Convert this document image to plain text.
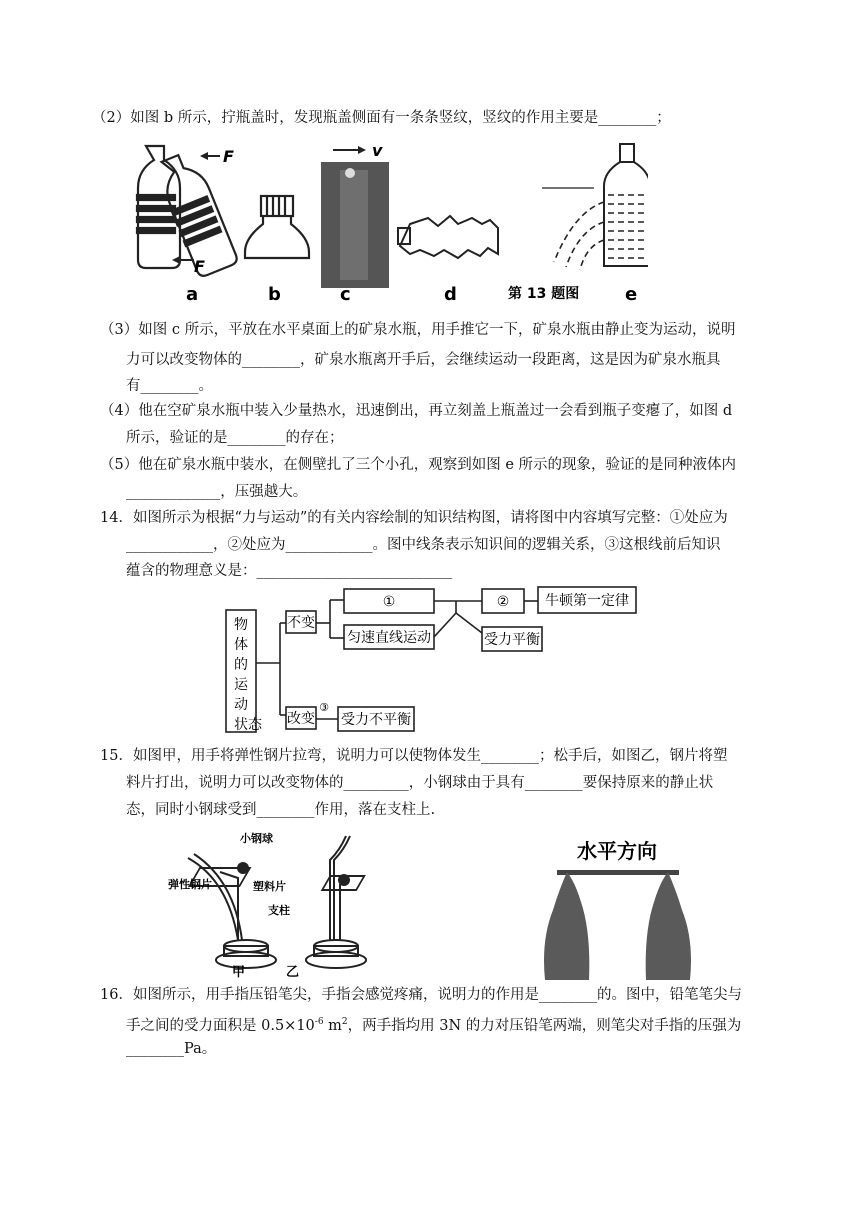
（2）如图 b 所示，拧瓶盖时，发现瓶盖侧面有一条条竖纹，竖纹的作用主要是________；
F
F
v
第 13 题图
a	b	c	d	e
（3）如图 c 所示，平放在水平桌面上的矿泉水瓶，用手推它一下，矿泉水瓶由静止变为运动，说明
力可以改变物体的________，矿泉水瓶离开手后，会继续运动一段距离，这是因为矿泉水瓶具
有________。
（4）他在空矿泉水瓶中装入少量热水，迅速倒出，再立刻盖上瓶盖过一会看到瓶子变瘪了，如图 d
所示，验证的是________的存在；
（5）他在矿泉水瓶中装水，在侧壁扎了三个小孔，观察到如图 e 所示的现象，验证的是同种液体内
_____________，压强越大。
14．如图所示为根据“力与运动”的有关内容绘制的知识结构图，请将图中内容填写完整：①处应为
____________，②处应为____________。图中线条表示知识间的逻辑关系，③这根线前后知识
蕴含的物理意义是：___________________________
物
体
的
运
动
状态
不变
改变
①
匀速直线运动
②
受力平衡
牛顿第一定律
③
受力不平衡
15．如图甲，用手将弹性钢片拉弯，说明力可以使物体发生________；松手后，如图乙，钢片将塑
料片打出，说明力可以改变物体的_________，小钢球由于具有________要保持原来的静止状
态，同时小钢球受到________作用，落在支柱上.
小钢球
弹性钢片	塑料片
支柱
甲	乙
水平方向
16．如图所示，用手指压铅笔尖，手指会感觉疼痛，说明力的作用是________的。图中，铅笔笔尖与
手之间的受力面积是 $0.5\times 10^{-6}$ $m^2$，两手指均用 3N 的力对压铅笔两端，则笔尖对手指的压强为
________Pa。
